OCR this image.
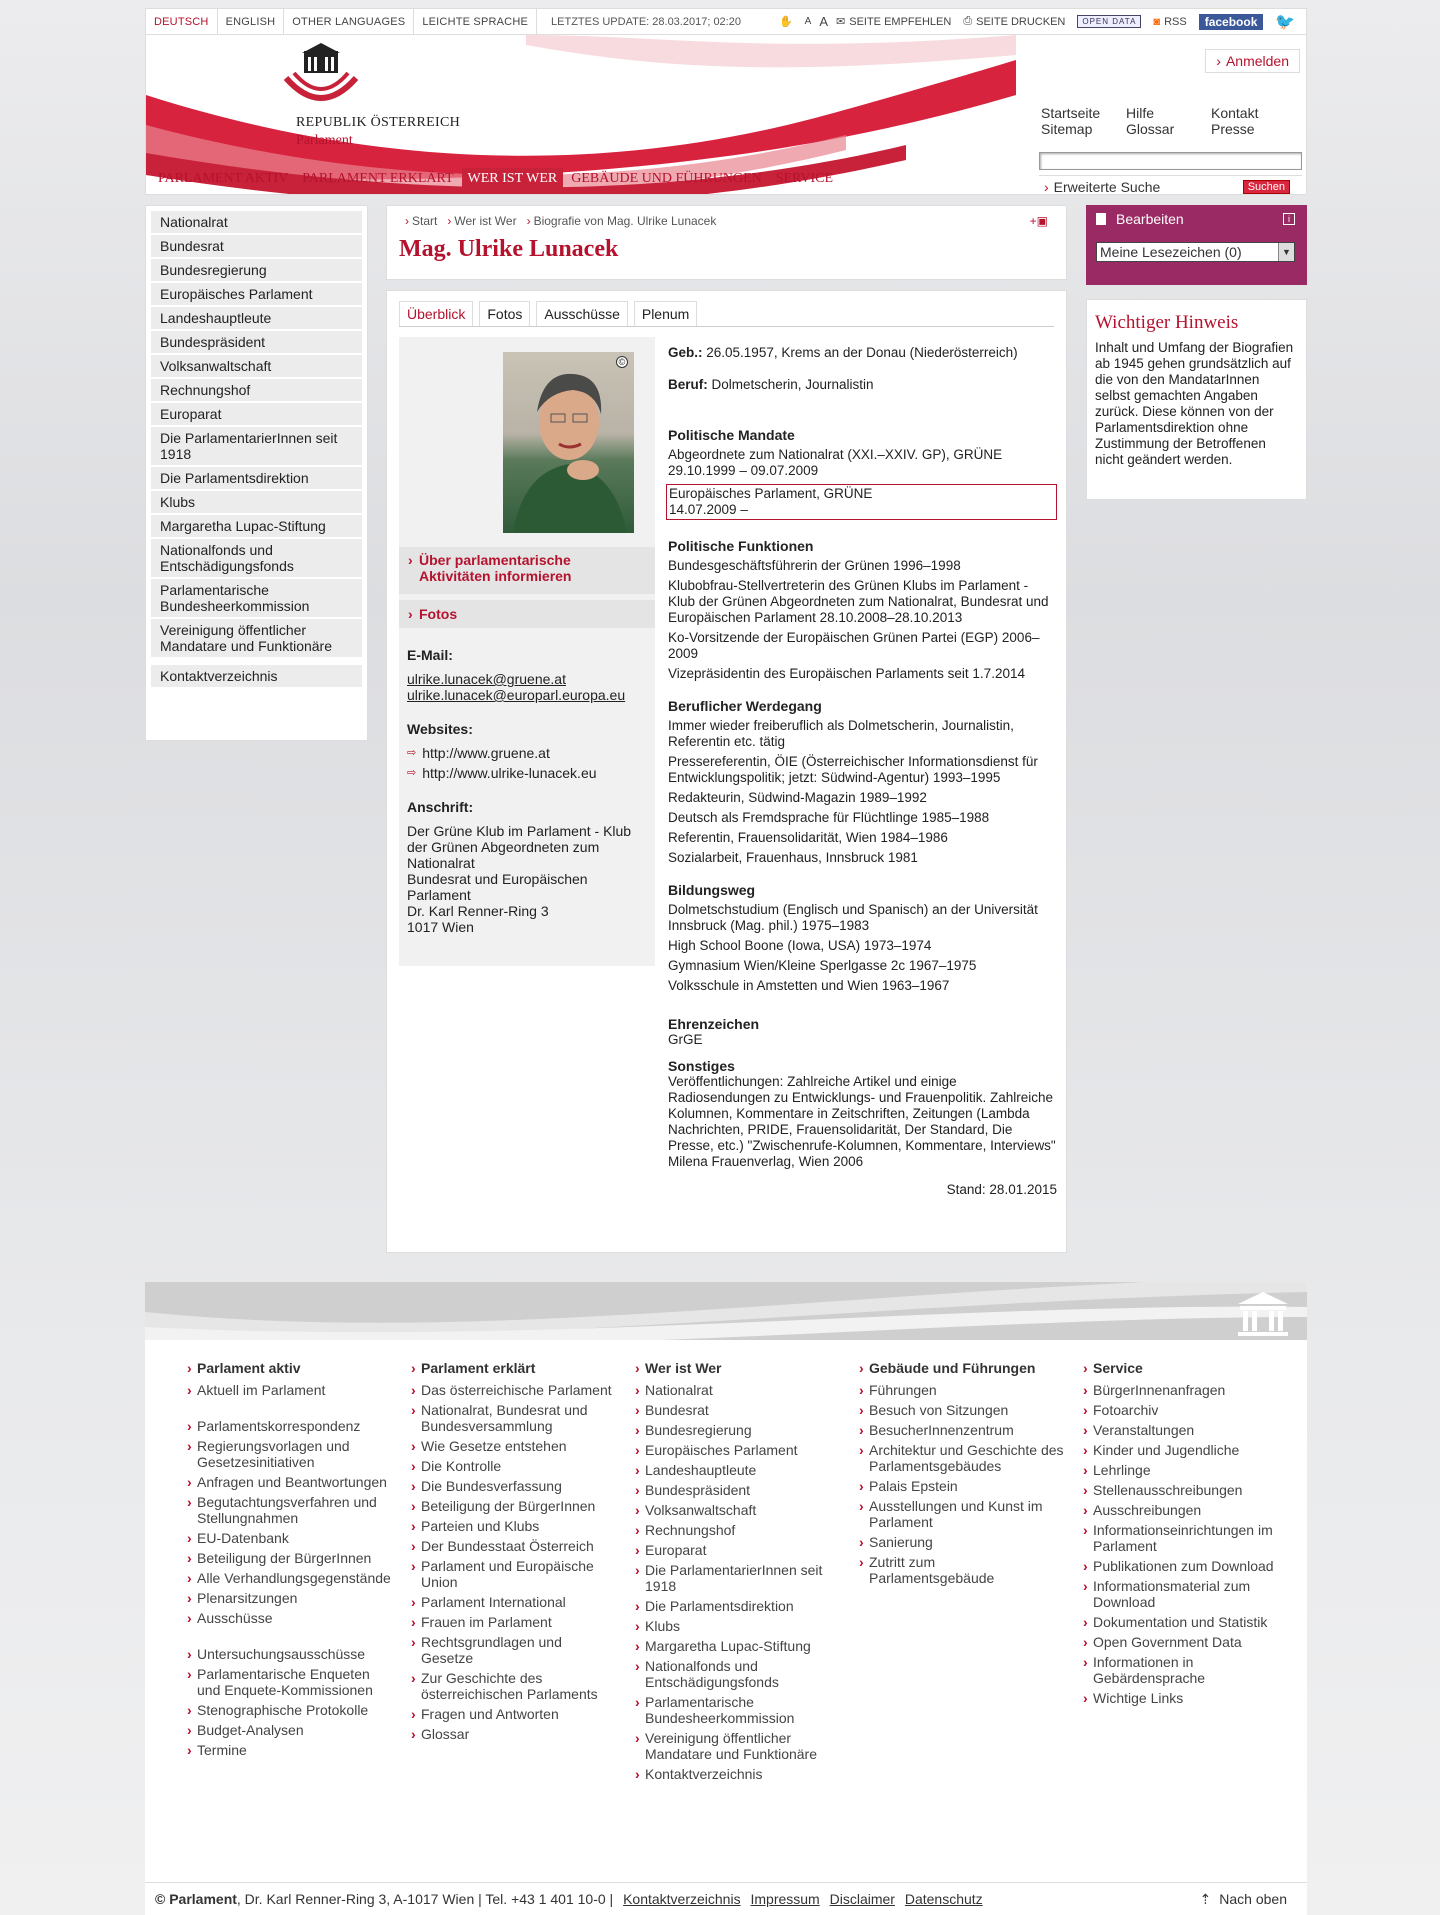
DEUTSCH	ENGLISH	OTHER LANGUAGES	LEICHTE SPRACHE	LETZTES UPDATE: 28.03.2017; 02:20	✋	A A ✉ SEITE EMPFEHLEN ⎙ SEITE DRUCKEN	OPEN DATA	◙ RSS	facebook	🐦
REPUBLIK ÖSTERREICH
Parlament
› Anmelden
Startseite	Hilfe	Kontakt
Sitemap	Glossar	Presse
› Erweiterte Suche	Suchen
PARLAMENT AKTIV	PARLAMENT ERKLÄRT	WER IST WER	GEBÄUDE UND FÜHRUNGEN	SERVICE
Nationalrat
Bundesrat
Bundesregierung
Europäisches Parlament
Landeshauptleute
Bundespräsident
Volksanwaltschaft
Rechnungshof
Europarat
Die ParlamentarierInnen seit 1918
Die Parlamentsdirektion
Klubs
Margaretha Lupac-Stiftung
Nationalfonds und Entschädigungsfonds
Parlamentarische Bundesheerkommission
Vereinigung öffentlicher Mandatare und Funktionäre
Kontaktverzeichnis
› Start	› Wer ist Wer	› Biografie von Mag. Ulrike Lunacek	+▣
Mag. Ulrike Lunacek
Überblick	Fotos	Ausschüsse	Plenum
©
› Über parlamentarische Aktivitäten informieren
› Fotos
E-Mail:
ulrike.lunacek@gruene.at
ulrike.lunacek@europarl.europa.eu
Websites:
⇨ http://www.gruene.at
⇨ http://www.ulrike-lunacek.eu
Anschrift:
Der Grüne Klub im Parlament - Klub der Grünen Abgeordneten zum Nationalrat
Bundesrat und Europäischen Parlament
Dr. Karl Renner-Ring 3
1017 Wien
Geb.: 26.05.1957, Krems an der Donau (Niederösterreich)
Beruf: Dolmetscherin, Journalistin
Politische Mandate
Abgeordnete zum Nationalrat (XXI.–XXIV. GP), GRÜNE
29.10.1999 – 09.07.2009
Europäisches Parlament, GRÜNE
14.07.2009 –
Politische Funktionen
Bundesgeschäftsführerin der Grünen 1996–1998
Klubobfrau-Stellvertreterin des Grünen Klubs im Parlament - Klub der Grünen Abgeordneten zum Nationalrat, Bundesrat und Europäischen Parlament 28.10.2008–28.10.2013
Ko-Vorsitzende der Europäischen Grünen Partei (EGP) 2006–2009
Vizepräsidentin des Europäischen Parlaments seit 1.7.2014
Beruflicher Werdegang
Immer wieder freiberuflich als Dolmetscherin, Journalistin, Referentin etc. tätig
Pressereferentin, ÖIE (Österreichischer Informationsdienst für Entwicklungspolitik; jetzt: Südwind-Agentur) 1993–1995
Redakteurin, Südwind-Magazin 1989–1992
Deutsch als Fremdsprache für Flüchtlinge 1985–1988
Referentin, Frauensolidarität, Wien 1984–1986
Sozialarbeit, Frauenhaus, Innsbruck 1981
Bildungsweg
Dolmetschstudium (Englisch und Spanisch) an der Universität Innsbruck (Mag. phil.) 1975–1983
High School Boone (Iowa, USA) 1973–1974
Gymnasium Wien/Kleine Sperlgasse 2c 1967–1975
Volksschule in Amstetten und Wien 1963–1967
Ehrenzeichen
GrGE
Sonstiges
Veröffentlichungen: Zahlreiche Artikel und einige Radiosendungen zu Entwicklungs- und Frauenpolitik. Zahlreiche Kolumnen, Kommentare in Zeitschriften, Zeitungen (Lambda Nachrichten, PRIDE, Frauensolidarität, Der Standard, Die Presse, etc.) "Zwischenrufe-Kolumnen, Kommentare, Interviews" Milena Frauenverlag, Wien 2006
Stand: 28.01.2015
Bearbeiten	i
Meine Lesezeichen (0)	▼
Wichtiger Hinweis

Inhalt und Umfang der Biografien ab 1945 gehen grundsätzlich auf die von den MandatarInnen selbst gemachten Angaben zurück. Diese können von der Parlamentsdirektion ohne Zustimmung der Betroffenen nicht geändert werden.

› Parlament aktiv
› Aktuell im Parlament
› Parlamentskorrespondenz
› Regierungsvorlagen und Gesetzesinitiativen
› Anfragen und Beantwortungen
› Begutachtungsverfahren und Stellungnahmen
› EU-Datenbank
› Beteiligung der BürgerInnen
› Alle Verhandlungsgegenstände
› Plenarsitzungen
› Ausschüsse
› Untersuchungsausschüsse
› Parlamentarische Enqueten und Enquete-Kommissionen
› Stenographische Protokolle
› Budget-Analysen
› Termine
› Parlament erklärt
› Das österreichische Parlament
› Nationalrat, Bundesrat und Bundesversammlung
› Wie Gesetze entstehen
› Die Kontrolle
› Die Bundesverfassung
› Beteiligung der BürgerInnen
› Parteien und Klubs
› Der Bundesstaat Österreich
› Parlament und Europäische Union
› Parlament International
› Frauen im Parlament
› Rechtsgrundlagen und Gesetze
› Zur Geschichte des österreichischen Parlaments
› Fragen und Antworten
› Glossar
› Wer ist Wer
› Nationalrat
› Bundesrat
› Bundesregierung
› Europäisches Parlament
› Landeshauptleute
› Bundespräsident
› Volksanwaltschaft
› Rechnungshof
› Europarat
› Die ParlamentarierInnen seit 1918
› Die Parlamentsdirektion
› Klubs
› Margaretha Lupac-Stiftung
› Nationalfonds und Entschädigungsfonds
› Parlamentarische Bundesheerkommission
› Vereinigung öffentlicher Mandatare und Funktionäre
› Kontaktverzeichnis
› Gebäude und Führungen
› Führungen
› Besuch von Sitzungen
› BesucherInnenzentrum
› Architektur und Geschichte des Parlamentsgebäudes
› Palais Epstein
› Ausstellungen und Kunst im Parlament
› Sanierung
› Zutritt zum Parlamentsgebäude
› Service
› BürgerInnenanfragen
› Fotoarchiv
› Veranstaltungen
› Kinder und Jugendliche
› Lehrlinge
› Stellenausschreibungen
› Ausschreibungen
› Informationseinrichtungen im Parlament
› Publikationen zum Download
› Informationsmaterial zum Download
› Dokumentation und Statistik
› Open Government Data
› Informationen in Gebärdensprache
› Wichtige Links
© Parlament, Dr. Karl Renner-Ring 3, A-1017 Wien | Tel. +43 1 401 10-0 | Kontaktverzeichnis Impressum Disclaimer Datenschutz	⇡ Nach oben
